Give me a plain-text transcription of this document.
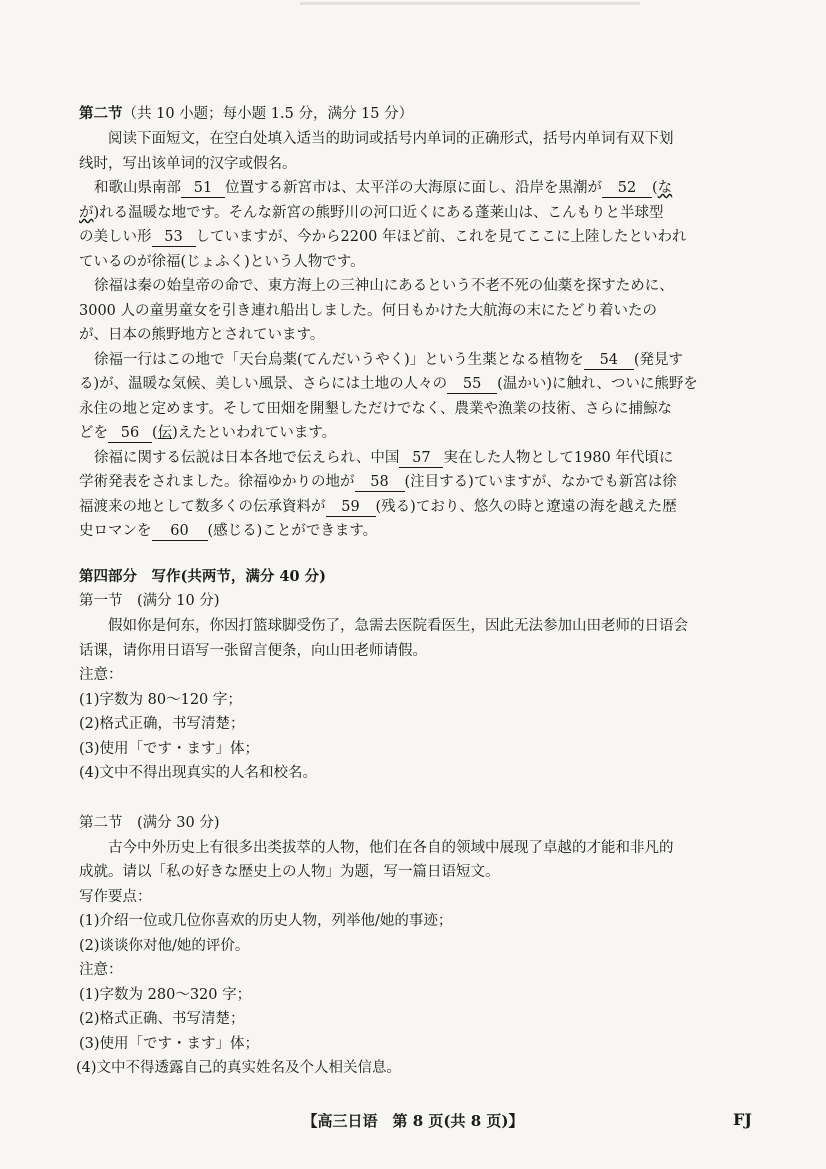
第二节（共 10 小题；每小题 1.5 分，满分 15 分）
阅读下面短文，在空白处填入适当的助词或括号内单词的正确形式，括号内单词有双下划
线时，写出该单词的汉字或假名。
和歌山県南部 51 位置する新宮市は、太平洋の大海原に面し、沿岸を黒潮が 52 (な
が)れる温暖な地です。そんな新宮の熊野川の河口近くにある蓬莱山は、こんもりと半球型
の美しい形 53 していますが、今から2200 年ほど前、これを見てここに上陸したといわれ
ているのが徐福(じょふく)という人物です。
徐福は秦の始皇帝の命で、東方海上の三神山にあるという不老不死の仙薬を探すために、
3000 人の童男童女を引き連れ船出しました。何日もかけた大航海の末にたどり着いたの
が、日本の熊野地方とされています。
徐福一行はこの地で「天台烏薬(てんだいうやく)」という生薬となる植物を 54 (発見す
る)が、温暖な気候、美しい風景、さらには土地の人々の 55 (温かい)に触れ、ついに熊野を
永住の地と定めます。そして田畑を開墾しただけでなく、農業や漁業の技術、さらに捕鯨な
どを 56 (伝)えたといわれています。
徐福に関する伝説は日本各地で伝えられ、中国 57 実在した人物として1980 年代頃に
学術発表をされました。徐福ゆかりの地が 58 (注目する)ていますが、なかでも新宮は徐
福渡来の地として数多くの伝承資料が 59 (残る)ており、悠久の時と遼遠の海を越えた歴
史ロマンを 60 (感じる)ことができます。
第四部分　写作(共两节，满分 40 分)
第一节　(满分 10 分)
假如你是何东，你因打篮球脚受伤了，急需去医院看医生，因此无法参加山田老师的日语会
话课，请你用日语写一张留言便条，向山田老师请假。
注意：
(1)字数为 80～120 字；
(2)格式正确，书写清楚；
(3)使用「です・ます」体；
(4)文中不得出现真实的人名和校名。
第二节　(满分 30 分)
古今中外历史上有很多出类拔萃的人物，他们在各自的领域中展现了卓越的才能和非凡的
成就。请以「私の好きな歴史上の人物」为题，写一篇日语短文。
写作要点：
(1)介绍一位或几位你喜欢的历史人物，列举他/她的事迹；
(2)谈谈你对他/她的评价。
注意：
(1)字数为 280～320 字；
(2)格式正确、书写清楚；
(3)使用「です・ます」体；
(4)文中不得透露自己的真实姓名及个人相关信息。
【高三日语　第 8 页(共 8 页)】	FJ
